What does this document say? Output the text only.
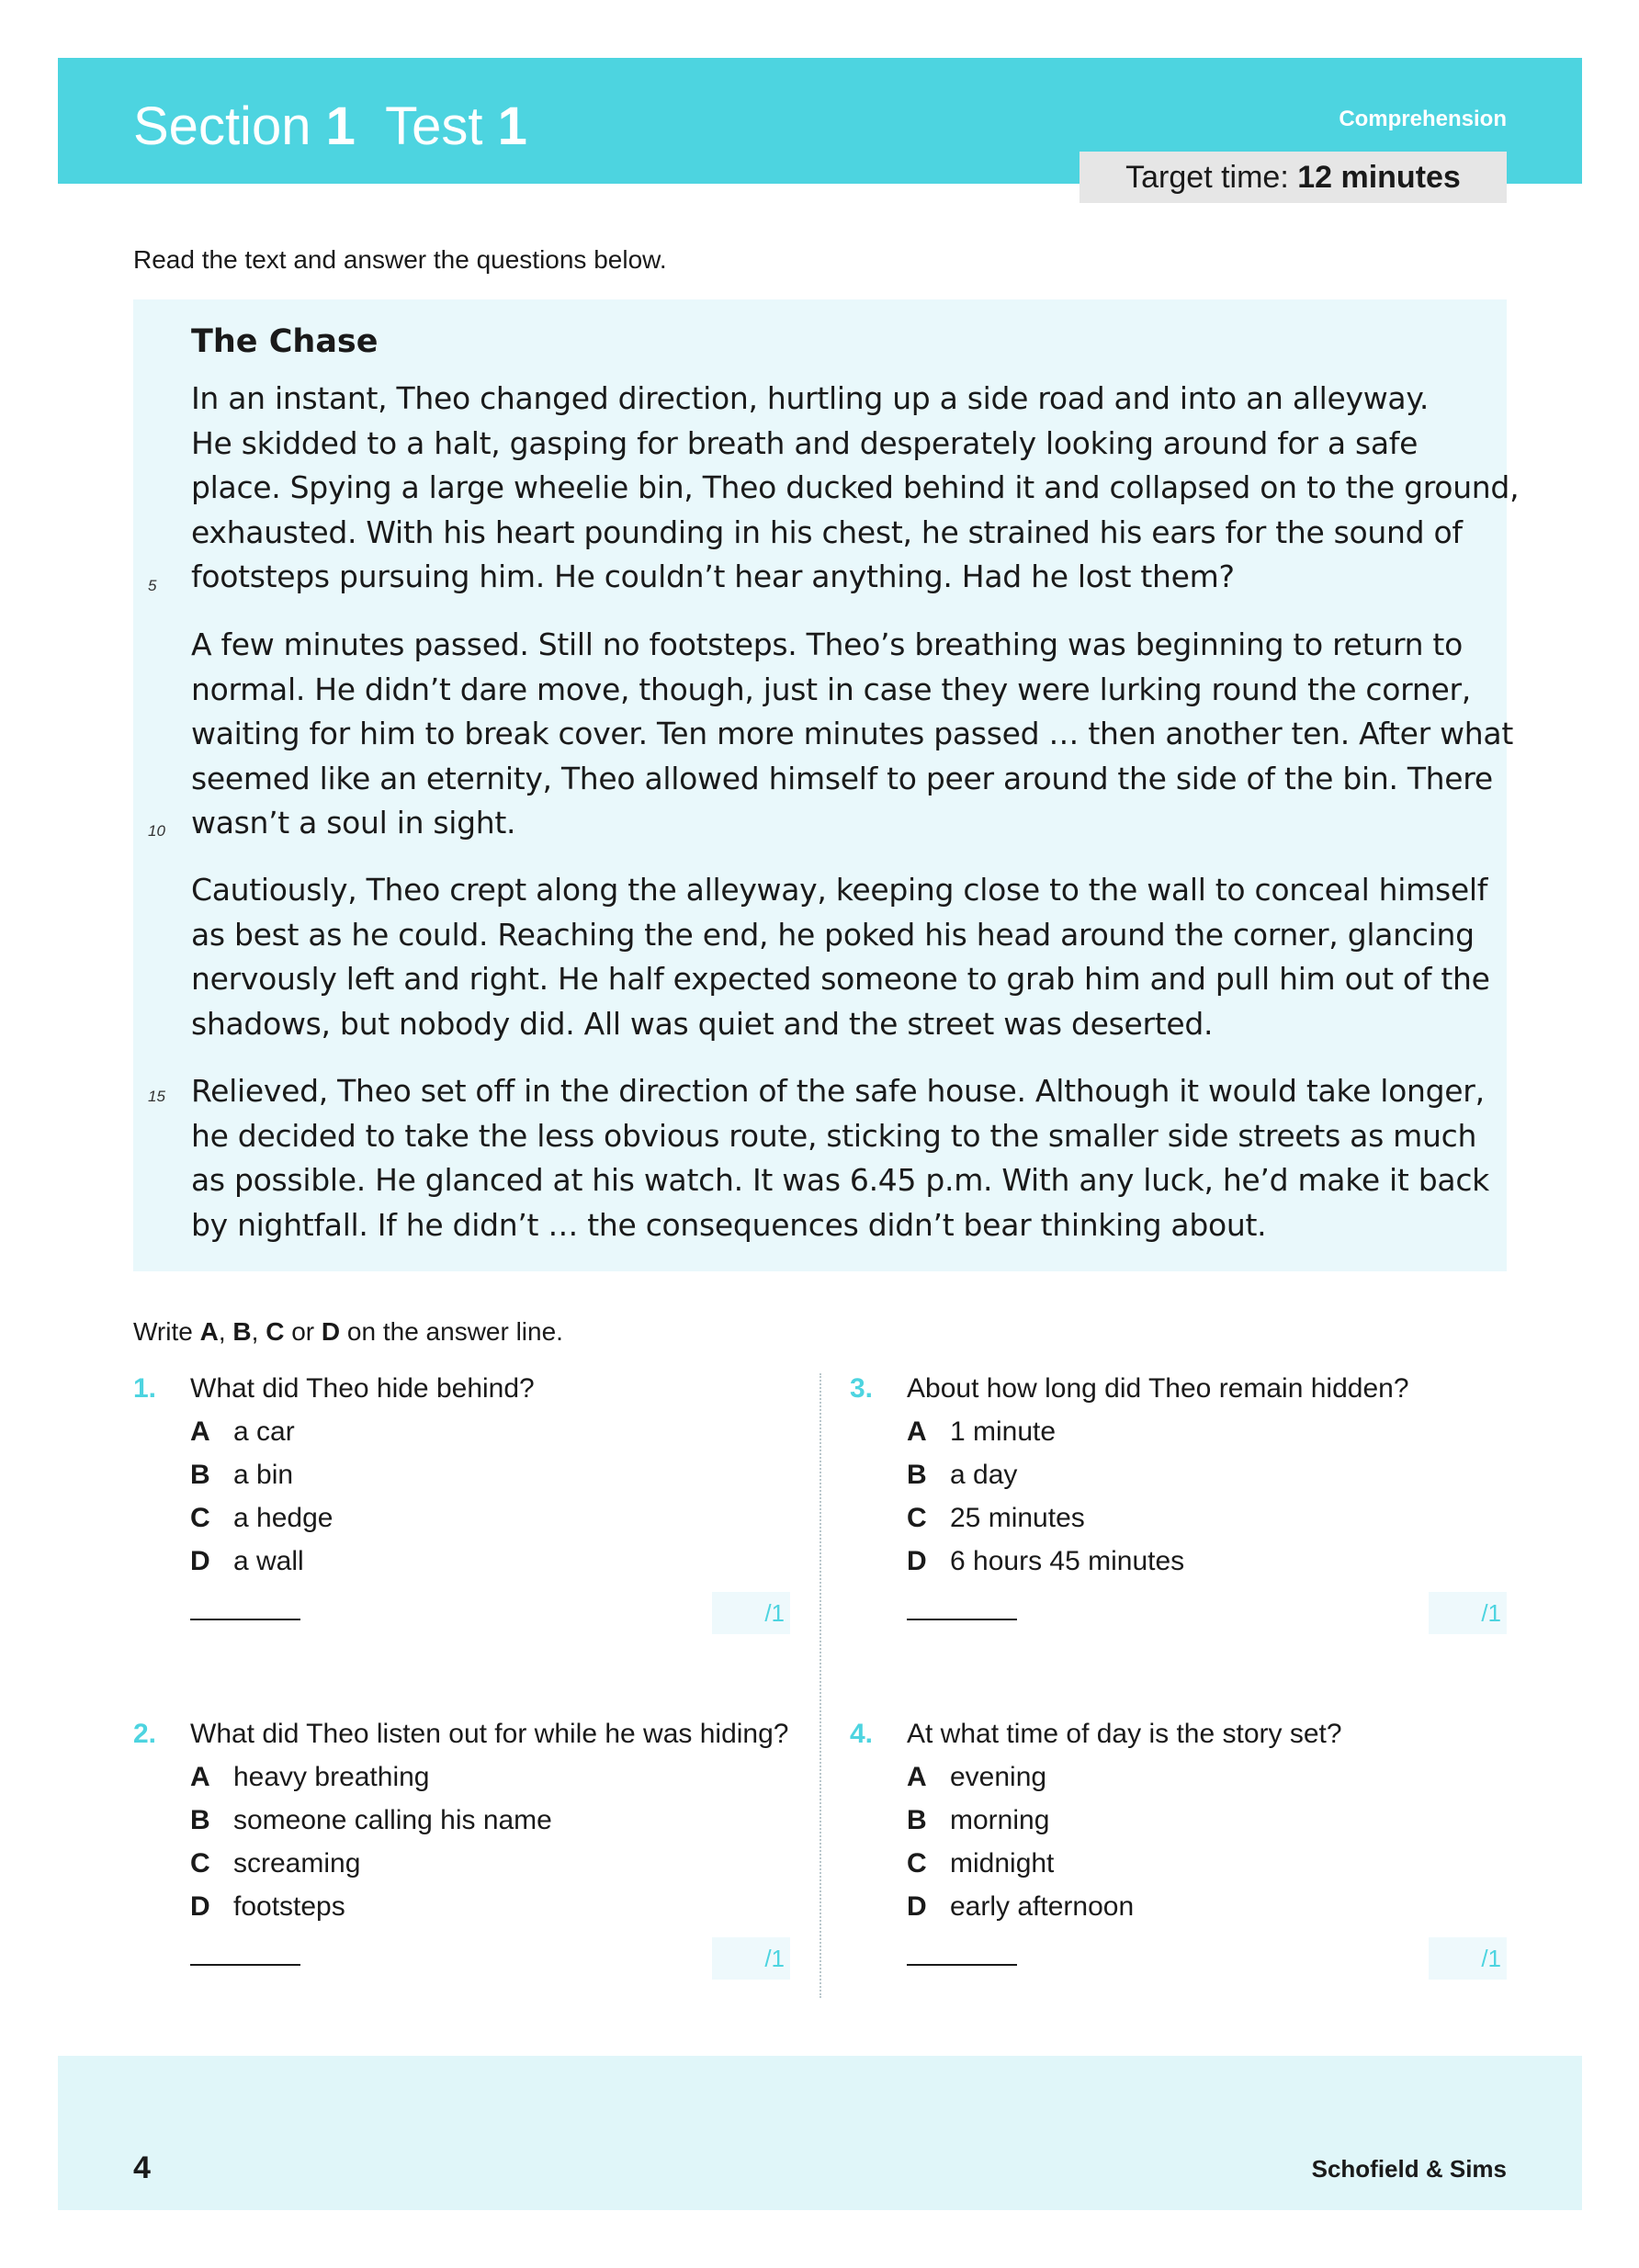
Section 1 Test 1	Comprehension
Target time: 12 minutes
Read the text and answer the questions below.
The Chase
In an instant, Theo changed direction, hurtling up a side road and into an alleyway.
He skidded to a halt, gasping for breath and desperately looking around for a safe
place. Spying a large wheelie bin, Theo ducked behind it and collapsed on to the ground,
exhausted. With his heart pounding in his chest, he strained his ears for the sound of
footsteps pursuing him. He couldn’t hear anything. Had he lost them?
A few minutes passed. Still no footsteps. Theo’s breathing was beginning to return to
normal. He didn’t dare move, though, just in case they were lurking round the corner,
waiting for him to break cover. Ten more minutes passed … then another ten. After what
seemed like an eternity, Theo allowed himself to peer around the side of the bin. There
wasn’t a soul in sight.
Cautiously, Theo crept along the alleyway, keeping close to the wall to conceal himself
as best as he could. Reaching the end, he poked his head around the corner, glancing
nervously left and right. He half expected someone to grab him and pull him out of the
shadows, but nobody did. All was quiet and the street was deserted.
Relieved, Theo set off in the direction of the safe house. Although it would take longer,
he decided to take the less obvious route, sticking to the smaller side streets as much
as possible. He glanced at his watch. It was 6.45 p.m. With any luck, he’d make it back
by nightfall. If he didn’t … the consequences didn’t bear thinking about.
5
10
15
Write A, B, C or D on the answer line.
1. What did Theo hide behind?
A a car
B a bin
C a hedge
D a wall
/1
2. What did Theo listen out for while he was hiding?
A heavy breathing
B someone calling his name
C screaming
D footsteps
/1
3. About how long did Theo remain hidden?
A 1 minute
B a day
C 25 minutes
D 6 hours 45 minutes
/1
4. At what time of day is the story set?
A evening
B morning
C midnight
D early afternoon
/1
4	Schofield & Sims
